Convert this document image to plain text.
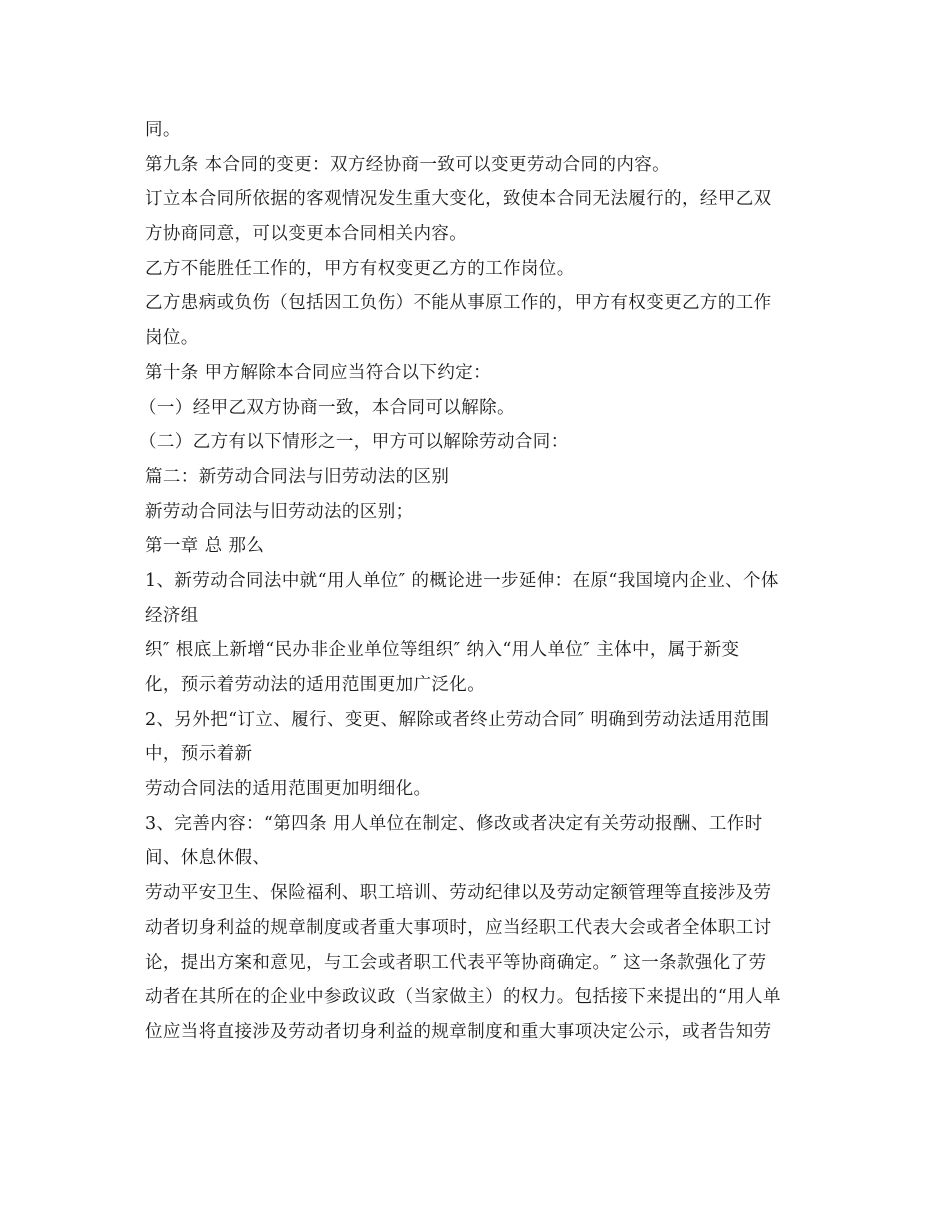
同。
第九条 本合同的变更：双方经协商一致可以变更劳动合同的内容。
订立本合同所依据的客观情况发生重大变化，致使本合同无法履行的，经甲乙双
方协商同意，可以变更本合同相关内容。
乙方不能胜任工作的，甲方有权变更乙方的工作岗位。
乙方患病或负伤（包括因工负伤）不能从事原工作的，甲方有权变更乙方的工作
岗位。
第十条 甲方解除本合同应当符合以下约定：
（一）经甲乙双方协商一致，本合同可以解除。
（二）乙方有以下情形之一，甲方可以解除劳动合同：
篇二：新劳动合同法与旧劳动法的区别
新劳动合同法与旧劳动法的区别；
第一章 总 那么
1、新劳动合同法中就“用人单位″ 的概论进一步延伸：在原“我国境内企业、个体
经济组
织″ 根底上新增“民办非企业单位等组织″ 纳入“用人单位″ 主体中，属于新变
化，预示着劳动法的适用范围更加广泛化。
2、另外把“订立、履行、变更、解除或者终止劳动合同″ 明确到劳动法适用范围
中，预示着新
劳动合同法的适用范围更加明细化。
3、完善内容：“第四条 用人单位在制定、修改或者决定有关劳动报酬、工作时
间、休息休假、
劳动平安卫生、保险福利、职工培训、劳动纪律以及劳动定额管理等直接涉及劳
动者切身利益的规章制度或者重大事项时，应当经职工代表大会或者全体职工讨
论，提出方案和意见，与工会或者职工代表平等协商确定。″ 这一条款强化了劳
动者在其所在的企业中参政议政（当家做主）的权力。包括接下来提出的“用人单
位应当将直接涉及劳动者切身利益的规章制度和重大事项决定公示，或者告知劳
